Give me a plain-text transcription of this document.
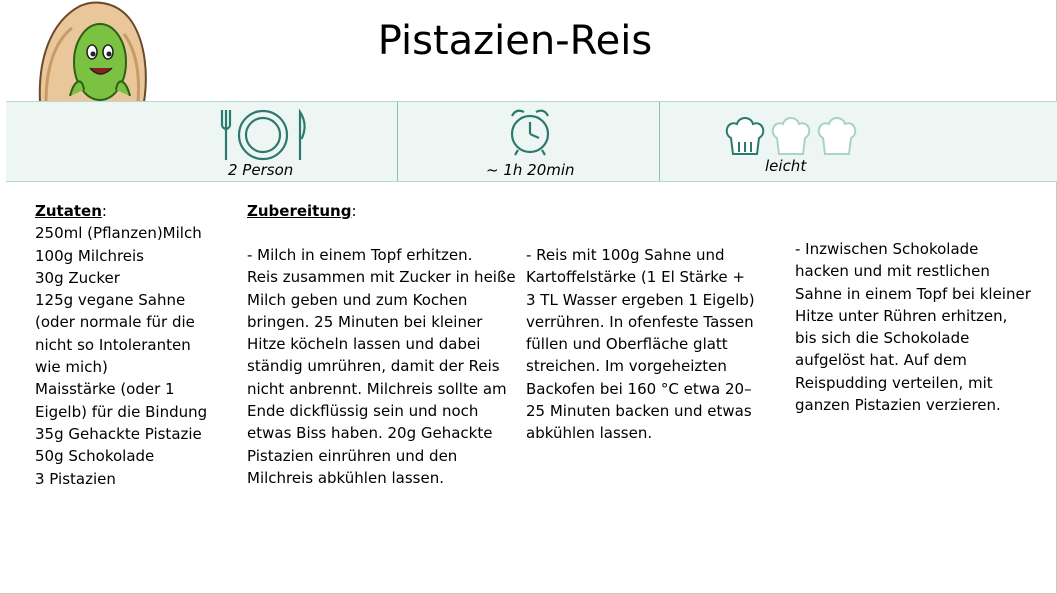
Pistazien-Reis
2 Person	~ 1h 20min	leicht
Zutaten:
250ml (Pflanzen)Milch
100g Milchreis
30g Zucker
125g vegane Sahne
(oder normale für die
nicht so Intoleranten
wie mich)
Maisstärke (oder 1
Eigelb) für die Bindung
35g Gehackte Pistazie
50g Schokolade
3 Pistazien
Zubereitung:
- Milch in einem Topf erhitzen.
Reis zusammen mit Zucker in heiße
Milch geben und zum Kochen
bringen. 25 Minuten bei kleiner
Hitze köcheln lassen und dabei
ständig umrühren, damit der Reis
nicht anbrennt. Milchreis sollte am
Ende dickflüssig sein und noch
etwas Biss haben. 20g Gehackte
Pistazien einrühren und den
Milchreis abkühlen lassen.
- Reis mit 100g Sahne und
Kartoffelstärke (1 El Stärke +
3 TL Wasser ergeben 1 Eigelb)
verrühren. In ofenfeste Tassen
füllen und Oberfläche glatt
streichen. Im vorgeheizten
Backofen bei 160 °C etwa 20–
25 Minuten backen und etwas
abkühlen lassen.
- Inzwischen Schokolade
hacken und mit restlichen
Sahne in einem Topf bei kleiner
Hitze unter Rühren erhitzen,
bis sich die Schokolade
aufgelöst hat. Auf dem
Reispudding verteilen, mit
ganzen Pistazien verzieren.
